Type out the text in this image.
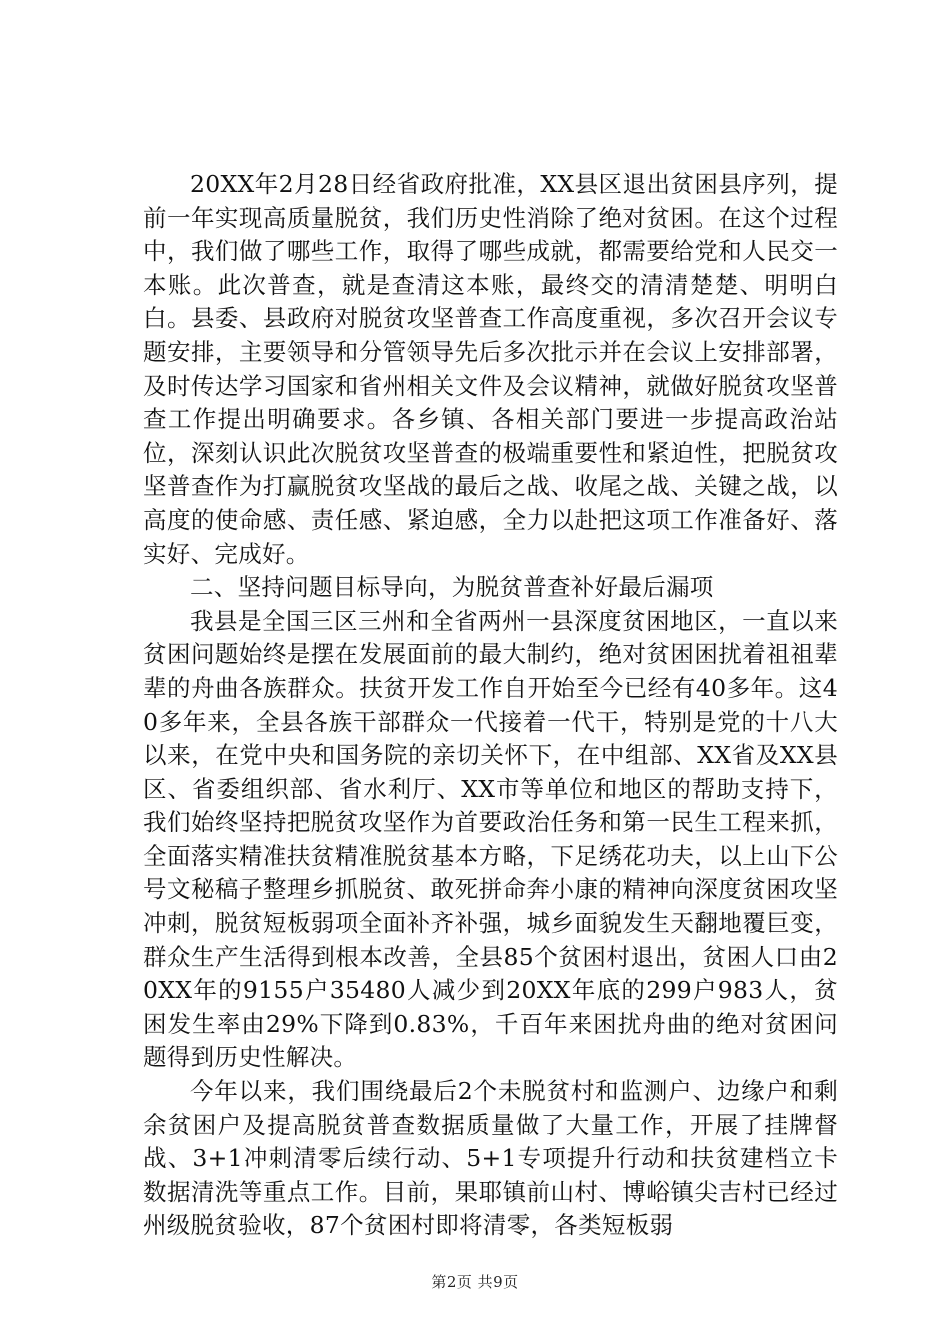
20XX年2月28日经省政府批准，XX县区退出贫困县序列，提前一年实现高质量脱贫，我们历史性消除了绝对贫困。在这个过程中，我们做了哪些工作，取得了哪些成就，都需要给党和人民交一本账。此次普查，就是查清这本账，最终交的清清楚楚、明明白白。县委、县政府对脱贫攻坚普查工作高度重视，多次召开会议专题安排，主要领导和分管领导先后多次批示并在会议上安排部署，及时传达学习国家和省州相关文件及会议精神，就做好脱贫攻坚普查工作提出明确要求。各乡镇、各相关部门要进一步提高政治站位，深刻认识此次脱贫攻坚普查的极端重要性和紧迫性，把脱贫攻坚普查作为打赢脱贫攻坚战的最后之战、收尾之战、关键之战，以高度的使命感、责任感、紧迫感，全力以赴把这项工作准备好、落实好、完成好。

二、坚持问题目标导向，为脱贫普查补好最后漏项

我县是全国三区三州和全省两州一县深度贫困地区，一直以来贫困问题始终是摆在发展面前的最大制约，绝对贫困困扰着祖祖辈辈的舟曲各族群众。扶贫开发工作自开始至今已经有40多年。这40多年来，全县各族干部群众一代接着一代干，特别是党的十八大以来，在党中央和国务院的亲切关怀下，在中组部、XX省及XX县区、省委组织部、省水利厅、XX市等单位和地区的帮助支持下，我们始终坚持把脱贫攻坚作为首要政治任务和第一民生工程来抓，全面落实精准扶贫精准脱贫基本方略，下足绣花功夫，以上山下公号文秘稿子整理乡抓脱贫、敢死拼命奔小康的精神向深度贫困攻坚冲刺，脱贫短板弱项全面补齐补强，城乡面貌发生天翻地覆巨变，群众生产生活得到根本改善，全县85个贫困村退出，贫困人口由20XX年的9155户35480人减少到20XX年底的299户983人，贫困发生率由29%下降到0.83%，千百年来困扰舟曲的绝对贫困问题得到历史性解决。

今年以来，我们围绕最后2个未脱贫村和监测户、边缘户和剩余贫困户及提高脱贫普查数据质量做了大量工作，开展了挂牌督战、3+1冲刺清零后续行动、5+1专项提升行动和扶贫建档立卡数据清洗等重点工作。目前，果耶镇前山村、博峪镇尖吉村已经过州级脱贫验收，87个贫困村即将清零，各类短板弱

第2页 共9页
